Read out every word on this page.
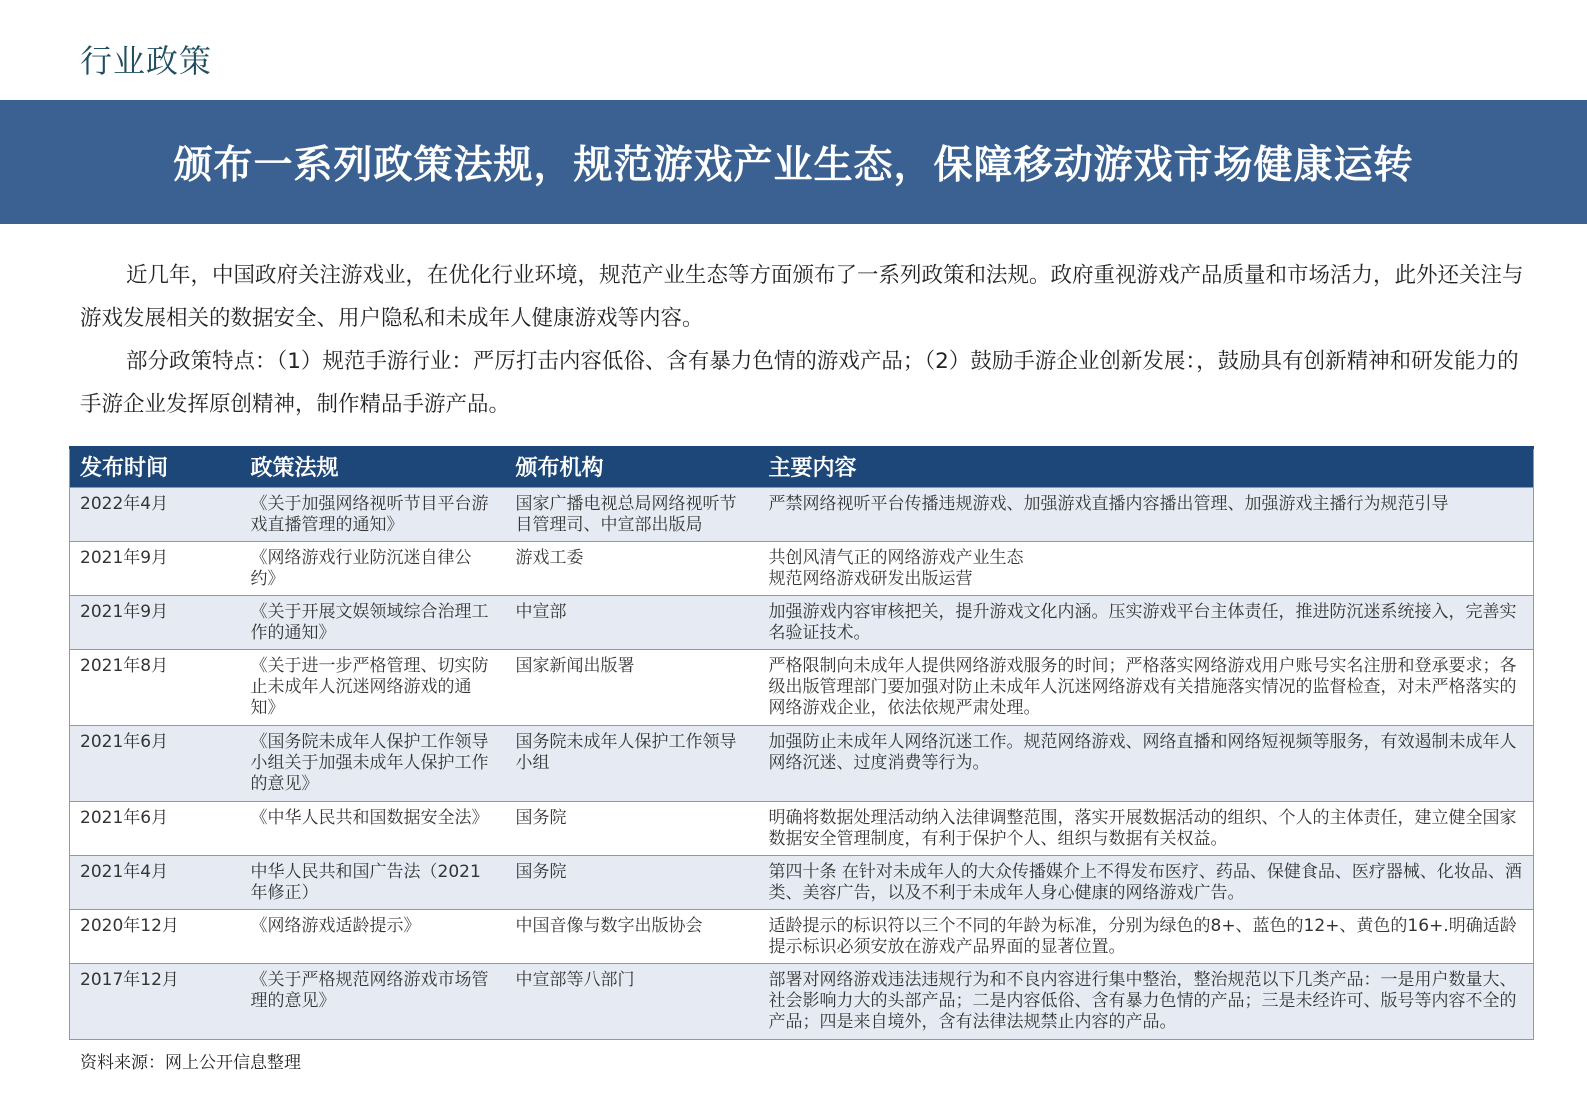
行业政策
颁布一系列政策法规，规范游戏产业生态，保障移动游戏市场健康运转

近几年，中国政府关注游戏业，在优化行业环境，规范产业生态等方面颁布了一系列政策和法规。政府重视游戏产品质量和市场活力，此外还关注与游戏发展相关的数据安全、用户隐私和未成年人健康游戏等内容。

部分政策特点：（1）规范手游行业：严厉打击内容低俗、含有暴力色情的游戏产品；（2）鼓励手游企业创新发展：，鼓励具有创新精神和研发能力的手游企业发挥原创精神，制作精品手游产品。

发布时间	政策法规	颁布机构	主要内容
2022年4月	《关于加强网络视听节目平台游戏直播管理的通知》	国家广播电视总局网络视听节目管理司、中宣部出版局	严禁网络视听平台传播违规游戏、加强游戏直播内容播出管理、加强游戏主播行为规范引导
2021年9月	《网络游戏行业防沉迷自律公约》	游戏工委	共创风清气正的网络游戏产业生态
规范网络游戏研发出版运营
2021年9月	《关于开展文娱领域综合治理工作的通知》	中宣部	加强游戏内容审核把关，提升游戏文化内涵。压实游戏平台主体责任，推进防沉迷系统接入，完善实名验证技术。
2021年8月	《关于进一步严格管理、切实防止未成年人沉迷网络游戏的通知》	国家新闻出版署	严格限制向未成年人提供网络游戏服务的时间；严格落实网络游戏用户账号实名注册和登承要求；各级出版管理部门要加强对防止未成年人沉迷网络游戏有关措施落实情况的监督检查，对未严格落实的网络游戏企业，依法依规严肃处理。
2021年6月	《国务院未成年人保护工作领导小组关于加强未成年人保护工作的意见》	国务院未成年人保护工作领导小组	加强防止未成年人网络沉迷工作。规范网络游戏、网络直播和网络短视频等服务，有效遏制未成年人网络沉迷、过度消费等行为。
2021年6月	《中华人民共和国数据安全法》	国务院	明确将数据处理活动纳入法律调整范围，落实开展数据活动的组织、个人的主体责任，建立健全国家数据安全管理制度，有利于保护个人、组织与数据有关权益。
2021年4月	中华人民共和国广告法（2021年修正）	国务院	第四十条 在针对未成年人的大众传播媒介上不得发布医疗、药品、保健食品、医疗器械、化妆品、酒类、美容广告，以及不利于未成年人身心健康的网络游戏广告。
2020年12月	《网络游戏适龄提示》	中国音像与数字出版协会	适龄提示的标识符以三个不同的年龄为标准，分别为绿色的8+、蓝色的12+、黄色的16+.明确适龄提示标识必须安放在游戏产品界面的显著位置。
2017年12月	《关于严格规范网络游戏市场管理的意见》	中宣部等八部门	部署对网络游戏违法违规行为和不良内容进行集中整治，整治规范以下几类产品：一是用户数量大、社会影响力大的头部产品；二是内容低俗、含有暴力色情的产品；三是未经许可、版号等内容不全的产品；四是来自境外，含有法律法规禁止内容的产品。
资料来源：网上公开信息整理
